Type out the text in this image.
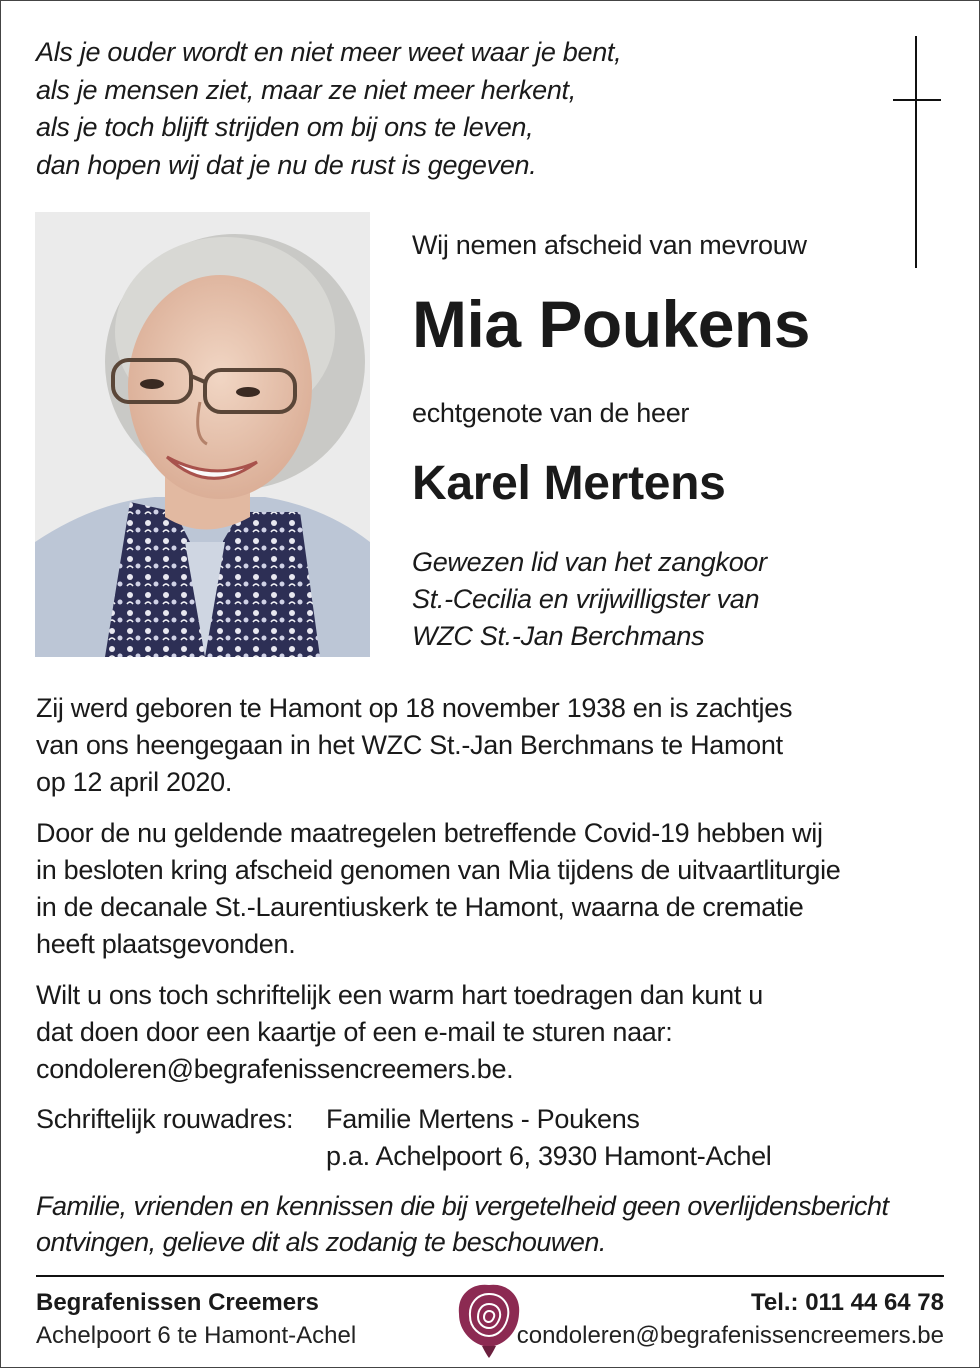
Als je ouder wordt en niet meer weet waar je bent,
als je mensen ziet, maar ze niet meer herkent,
als je toch blijft strijden om bij ons te leven,
dan hopen wij dat je nu de rust is gegeven.
Wij nemen afscheid van mevrouw
Mia Poukens
echtgenote van de heer
Karel Mertens
Gewezen lid van het zangkoor
St.-Cecilia en vrijwilligster van
WZC St.-Jan Berchmans
Zij werd geboren te Hamont op 18 november 1938 en is zachtjes
van ons heengegaan in het WZC St.-Jan Berchmans te Hamont
op 12 april 2020.
Door de nu geldende maatregelen betreffende Covid-19 hebben wij
in besloten kring afscheid genomen van Mia tijdens de uitvaartliturgie
in de decanale St.-Laurentiuskerk te Hamont, waarna de crematie
heeft plaatsgevonden.
Wilt u ons toch schriftelijk een warm hart toedragen dan kunt u
dat doen door een kaartje of een e-mail te sturen naar:
condoleren@begrafenissencreemers.be.
Schriftelijk rouwadres: Familie Mertens - Poukens
p.a. Achelpoort 6, 3930 Hamont-Achel
Familie, vrienden en kennissen die bij vergetelheid geen overlijdensbericht
ontvingen, gelieve dit als zodanig te beschouwen.
Begrafenissen Creemers
Achelpoort 6 te Hamont-Achel
Tel.: 011 44 64 78
condoleren@begrafenissencreemers.be
